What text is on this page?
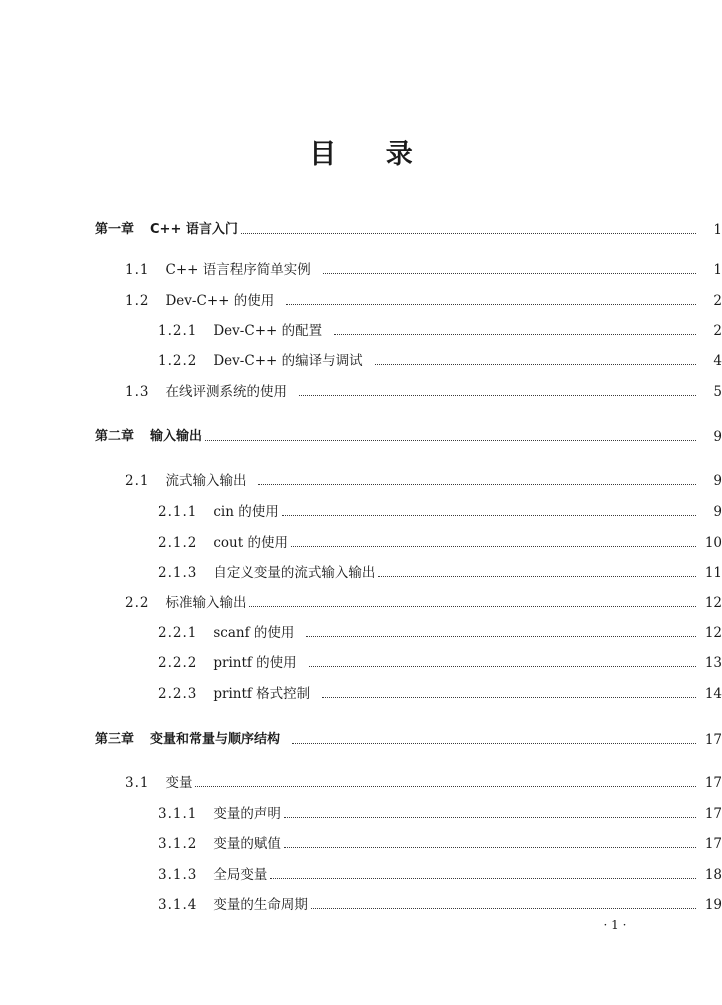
目 录
第一章 C++ 语言入门	1
1.1 C++ 语言程序简单实例	1
1.2 Dev-C++ 的使用	2
1.2.1 Dev-C++ 的配置	2
1.2.2 Dev-C++ 的编译与调试	4
1.3 在线评测系统的使用	5
第二章 输入输出	9
2.1 流式输入输出	9
2.1.1 cin 的使用	9
2.1.2 cout 的使用	10
2.1.3 自定义变量的流式输入输出	11
2.2 标准输入输出	12
2.2.1 scanf 的使用	12
2.2.2 printf 的使用	13
2.2.3 printf 格式控制	14
第三章 变量和常量与顺序结构	17
3.1 变量	17
3.1.1 变量的声明	17
3.1.2 变量的赋值	17
3.1.3 全局变量	18
3.1.4 变量的生命周期	19
· 1 ·
